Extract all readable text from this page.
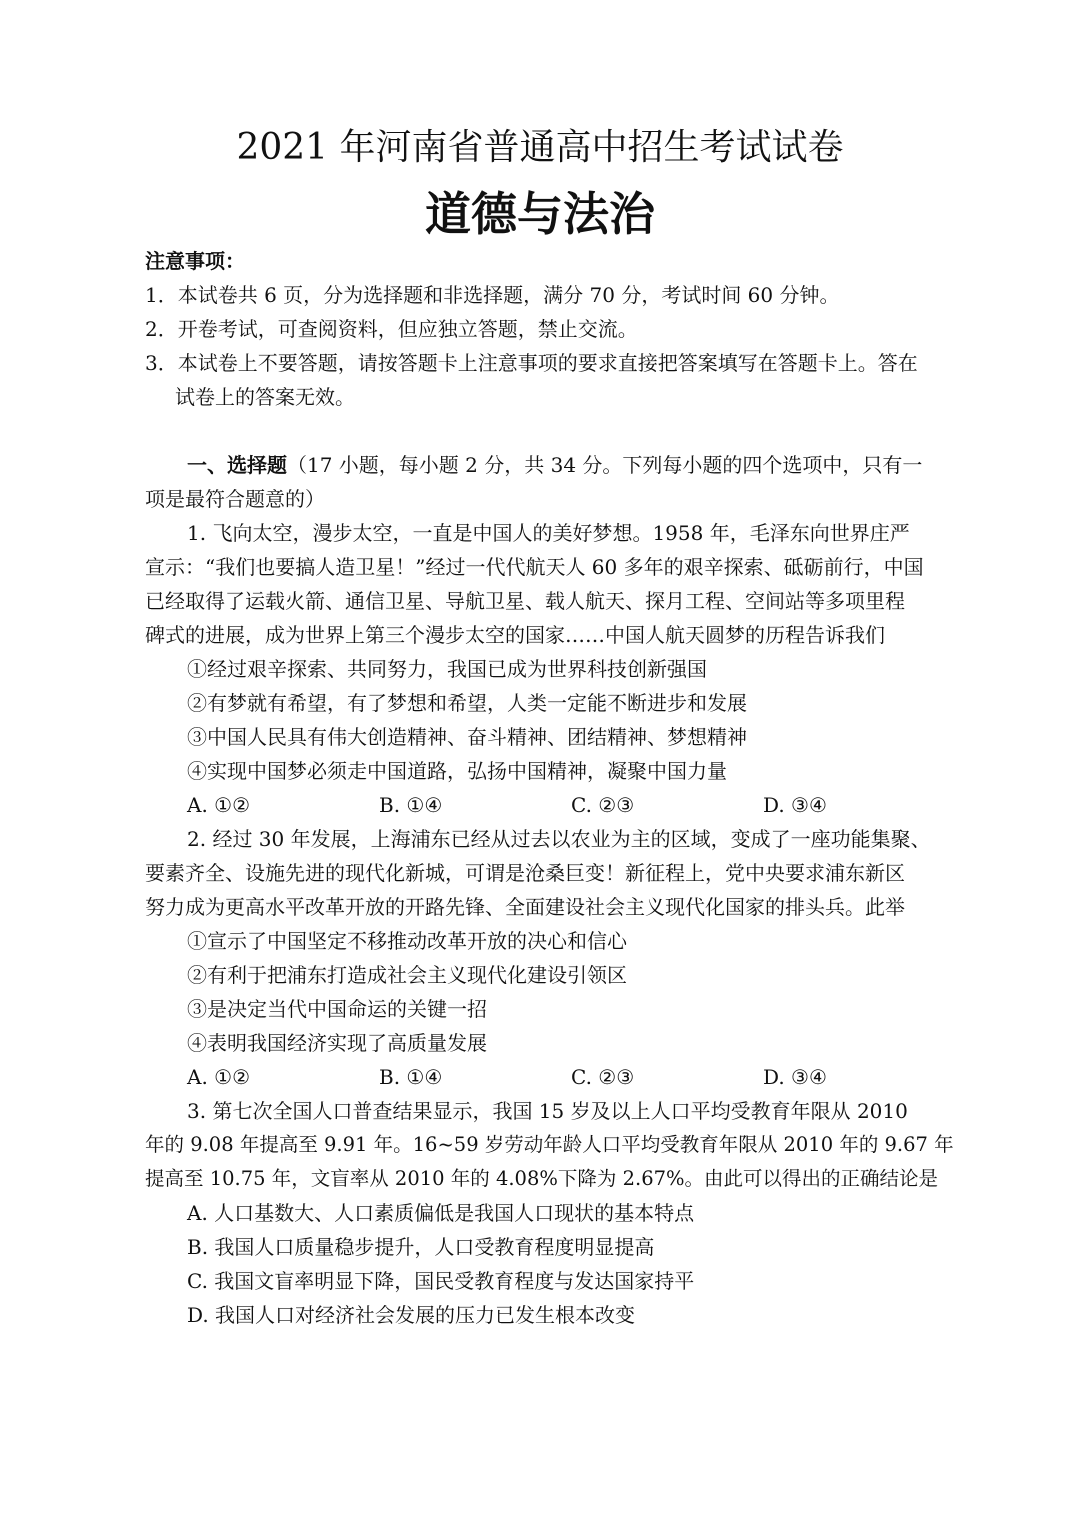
2021 年河南省普通高中招生考试试卷
道德与法治
注意事项：
1．本试卷共 6 页，分为选择题和非选择题，满分 70 分，考试时间 60 分钟。
2．开卷考试，可查阅资料，但应独立答题，禁止交流。
3．本试卷上不要答题，请按答题卡上注意事项的要求直接把答案填写在答题卡上。答在
试卷上的答案无效。
一、选择题（17 小题，每小题 2 分，共 34 分。下列每小题的四个选项中，只有一
项是最符合题意的）
1. 飞向太空，漫步太空，一直是中国人的美好梦想。1958 年，毛泽东向世界庄严
宣示：“我们也要搞人造卫星！”经过一代代航天人 60 多年的艰辛探索、砥砺前行，中国
已经取得了运载火箭、通信卫星、导航卫星、载人航天、探月工程、空间站等多项里程
碑式的进展，成为世界上第三个漫步太空的国家……中国人航天圆梦的历程告诉我们
①经过艰辛探索、共同努力，我国已成为世界科技创新强国
②有梦就有希望，有了梦想和希望，人类一定能不断进步和发展
③中国人民具有伟大创造精神、奋斗精神、团结精神、梦想精神
④实现中国梦必须走中国道路，弘扬中国精神，凝聚中国力量
A. ①②	B. ①④	C. ②③	D. ③④
2. 经过 30 年发展，上海浦东已经从过去以农业为主的区域，变成了一座功能集聚、
要素齐全、设施先进的现代化新城，可谓是沧桑巨变！新征程上，党中央要求浦东新区
努力成为更高水平改革开放的开路先锋、全面建设社会主义现代化国家的排头兵。此举
①宣示了中国坚定不移推动改革开放的决心和信心
②有利于把浦东打造成社会主义现代化建设引领区
③是决定当代中国命运的关键一招
④表明我国经济实现了高质量发展
A. ①②	B. ①④	C. ②③	D. ③④
3. 第七次全国人口普查结果显示，我国 15 岁及以上人口平均受教育年限从 2010
年的 9.08 年提高至 9.91 年。16~59 岁劳动年龄人口平均受教育年限从 2010 年的 9.67 年
提高至 10.75 年，文盲率从 2010 年的 4.08%下降为 2.67%。由此可以得出的正确结论是
A. 人口基数大、人口素质偏低是我国人口现状的基本特点
B. 我国人口质量稳步提升，人口受教育程度明显提高
C. 我国文盲率明显下降，国民受教育程度与发达国家持平
D. 我国人口对经济社会发展的压力已发生根本改变
